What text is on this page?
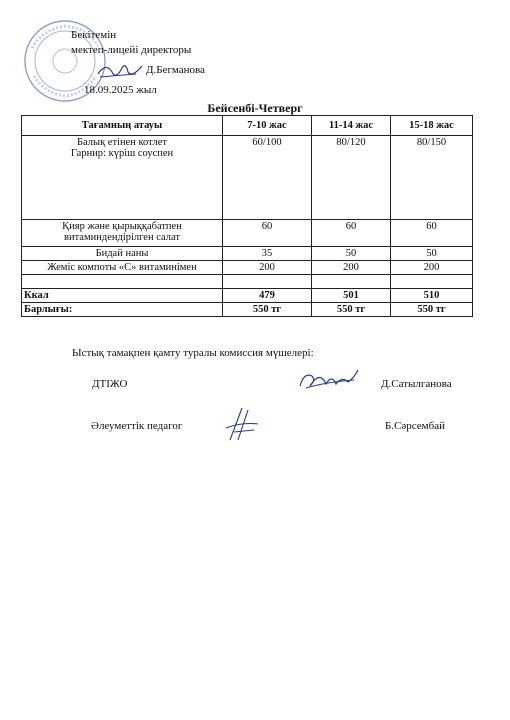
Бекітемін
мектеп-лицейі директоры
Д.Бегманова
18.09.2025 жыл
Бейсенбі-Четверг
Тағамның атауы	7-10 жас	11-14 жас	15-18 жас

Балық етінен котлет
Гарнир: күріш соуспен	60/100	80/120	80/150

Қияр және қырыққабатпен
витаминдендірілген салат	60	60	60
Бидай наны	35	50	50
Жеміс компоты «С» витаминімен	200	200	200

Ккал	479	501	510
Барлығы:	550 тг	550 тг	550 тг
Ыстық тамақпен қамту туралы комиссия мүшелері:
ДТІЖО	Д.Сатылганова
Әлеуметтік педагог	Б.Сәрсембай
